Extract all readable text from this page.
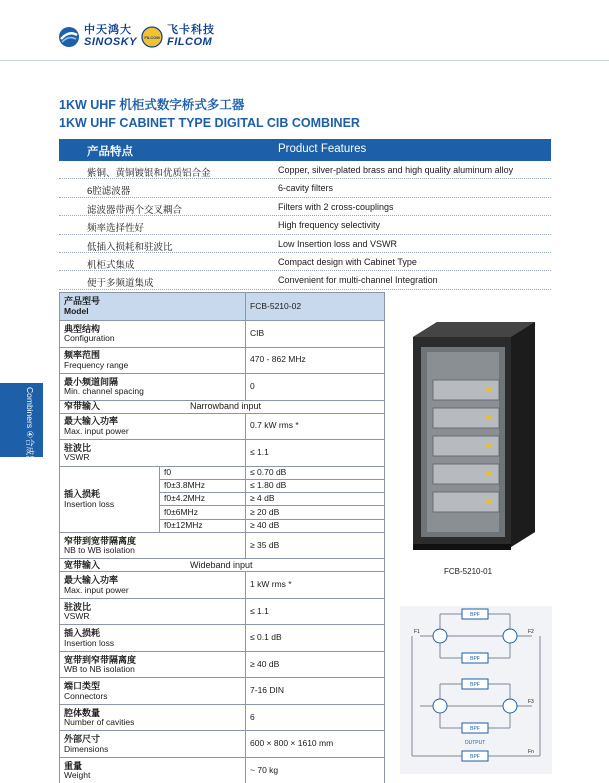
中天鸿大
SINOSKY FILCOM
飞卡科技
FILCOM
1KW UHF 机柜式数字桥式多工器
1KW UHF CABINET TYPE DIGITAL CIB COMBINER
产品特点	Product Features
紫铜、黄铜镀银和优质铝合金	Copper, silver-plated brass and high quality aluminum alloy
6腔滤波器	6-cavity filters
滤波器带两个交叉耦合	Filters with 2 cross-couplings
频率选择性好	High frequency selectivity
低插入损耗和驻波比	Low Insertion loss and VSWR
机柜式集成	Compact design with Cabinet Type
便于多频道集成	Convenient for multi-channel Integration
产品型号
Model		FCB-5210-02

典型结构
Configuration		CIB

频率范围
Frequency range		470 - 862 MHz

最小频道间隔
Min. channel spacing		0
窄带输入 Narrowband input		

最大输入功率
Max. input power		0.7 kW rms *

驻波比
VSWR		≤ 1.1

插入损耗
Insertion loss	f0	≤ 0.70 dB
	f0±3.8MHz	≤ 1.80 dB
	f0±4.2MHz	≥ 4 dB
	f0±6MHz	≥ 20 dB
	f0±12MHz	≥ 40 dB

窄带到宽带隔离度
NB to WB isolation		≥ 35 dB
宽带输入 Wideband input		

最大输入功率
Max. input power		1 kW rms *

驻波比
VSWR		≤ 1.1

插入损耗
Insertion loss		≤ 0.1 dB

宽带到窄带隔离度
WB to NB isolation		≥ 40 dB

端口类型
Connectors		7-16 DIN

腔体数量
Number of cavities		6

外部尺寸
Dimensions		600 × 800 × 1610 mm

重量
Weight		~ 70 kg
Combiners ④合成器
FCB-5210-01
BPF
BPF
BPF
BPF
BPF
OUTPUT
F1	F2
F3
Fn
